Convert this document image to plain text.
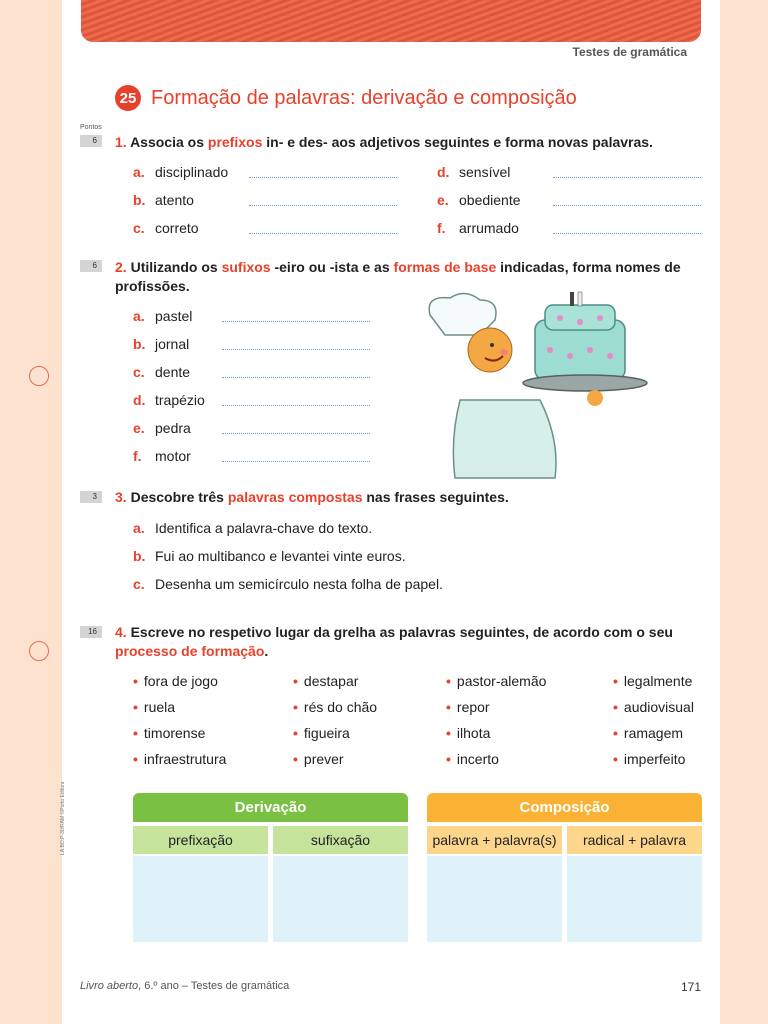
Testes de gramática
25 Formação de palavras: derivação e composição
Pontos
6	1. Associa os prefixos in- e des- aos adjetivos seguintes e forma novas palavras.
a. disciplinado
b. atento
c. correto
d. sensível
e. obediente
f. arrumado
6	2. Utilizando os sufixos -eiro ou -ista e as formas de base indicadas, forma nomes de profissões.
a. pastel
b. jornal
c. dente
d. trapézio
e. pedra
f. motor
3	3. Descobre três palavras compostas nas frases seguintes.
a. Identifica a palavra-chave do texto.
b. Fui ao multibanco e levantei vinte euros.
c. Desenha um semicírculo nesta folha de papel.
16	4. Escreve no respetivo lugar da grelha as palavras seguintes, de acordo com o seu processo de formação.
• fora de jogo
• ruela
• timorense
• infraestrutura
• destapar
• rés do chão
• figueira
• prever
• pastor-alemão
• repor
• ilhota
• incerto
• legalmente
• audiovisual
• ramagem
• imperfeito
Derivação	Composição
prefixação	sufixação	palavra + palavra(s)	radical + palavra
LA.BO.P-30/RAM ©Porto Editora
Livro aberto, 6.º ano – Testes de gramática	171
